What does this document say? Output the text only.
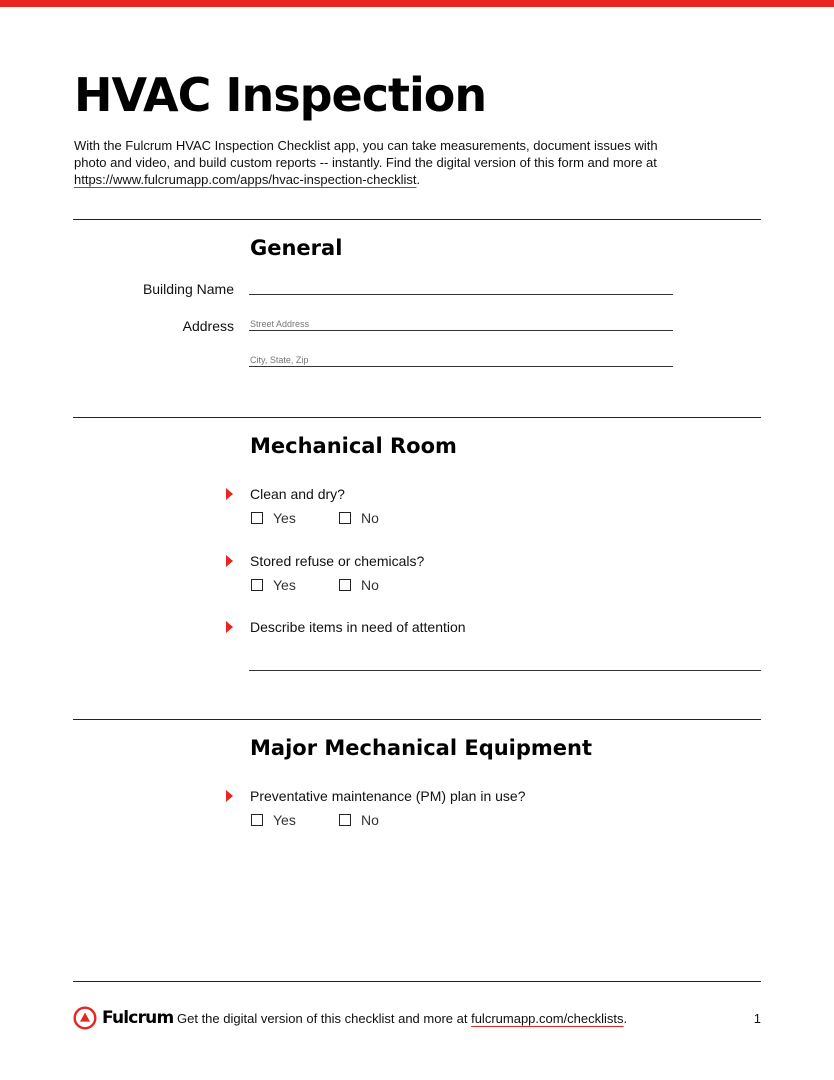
HVAC Inspection
With the Fulcrum HVAC Inspection Checklist app, you can take measurements, document issues with photo and video, and build custom reports -- instantly. Find the digital version of this form and more at https://www.fulcrumapp.com/apps/hvac-inspection-checklist.
General
Building Name
Address Street Address
City, State, Zip
Mechanical Room
Clean and dry?
Yes	No
Stored refuse or chemicals?
Yes	No
Describe items in need of attention
Major Mechanical Equipment
Preventative maintenance (PM) plan in use?
Yes	No
Fulcrum Get the digital version of this checklist and more at fulcrumapp.com/checklists.	1
